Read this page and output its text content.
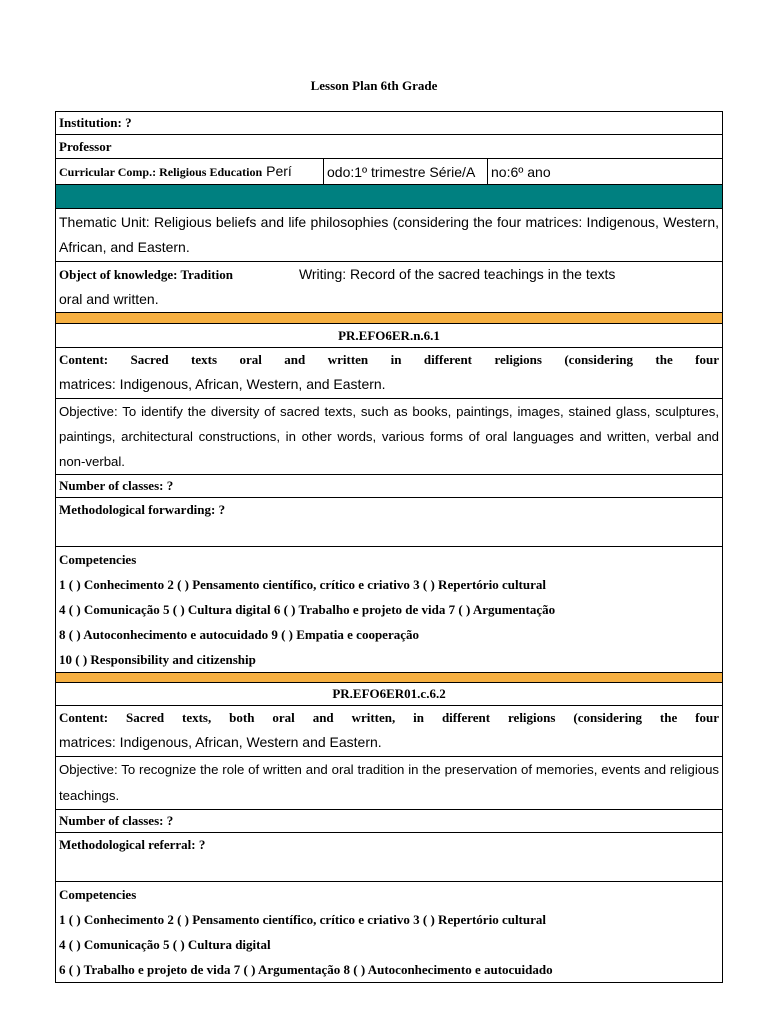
Lesson Plan 6th Grade
Institution: ?
Professor
Curricular Comp.: Religious Education Perí	odo:1º trimestre Série/A	no:6º ano

Thematic Unit: Religious beliefs and life philosophies (considering the four matrices: Indigenous, Western, African, and Eastern.

Object of knowledge: Tradition	Writing: Record of the sacred teachings in the texts
oral and written.

PR.EFO6ER.n.6.1

Content: Sacred texts oral and written in different religions (considering the four
matrices: Indigenous, African, Western, and Eastern.

Objective: To identify the diversity of sacred texts, such as books, paintings, images, stained glass, sculptures, paintings, architectural constructions, in other words, various forms of oral languages and written, verbal and non-verbal.
Number of classes: ?
Methodological forwarding: ?

Competencies
1 ( ) Conhecimento 2 ( ) Pensamento científico, crítico e criativo 3 ( ) Repertório cultural
4 ( ) Comunicação 5 ( ) Cultura digital 6 ( ) Trabalho e projeto de vida 7 ( ) Argumentação
8 ( ) Autoconhecimento e autocuidado 9 ( ) Empatia e cooperação
10 ( ) Responsibility and citizenship

PR.EFO6ER01.c.6.2

Content: Sacred texts, both oral and written, in different religions (considering the four
matrices: Indigenous, African, Western and Eastern.

Objective: To recognize the role of written and oral tradition in the preservation of memories, events and religious teachings.
Number of classes: ?
Methodological referral: ?

Competencies
1 ( ) Conhecimento 2 ( ) Pensamento científico, crítico e criativo 3 ( ) Repertório cultural
4 ( ) Comunicação 5 ( ) Cultura digital
6 ( ) Trabalho e projeto de vida 7 ( ) Argumentação 8 ( ) Autoconhecimento e autocuidado
